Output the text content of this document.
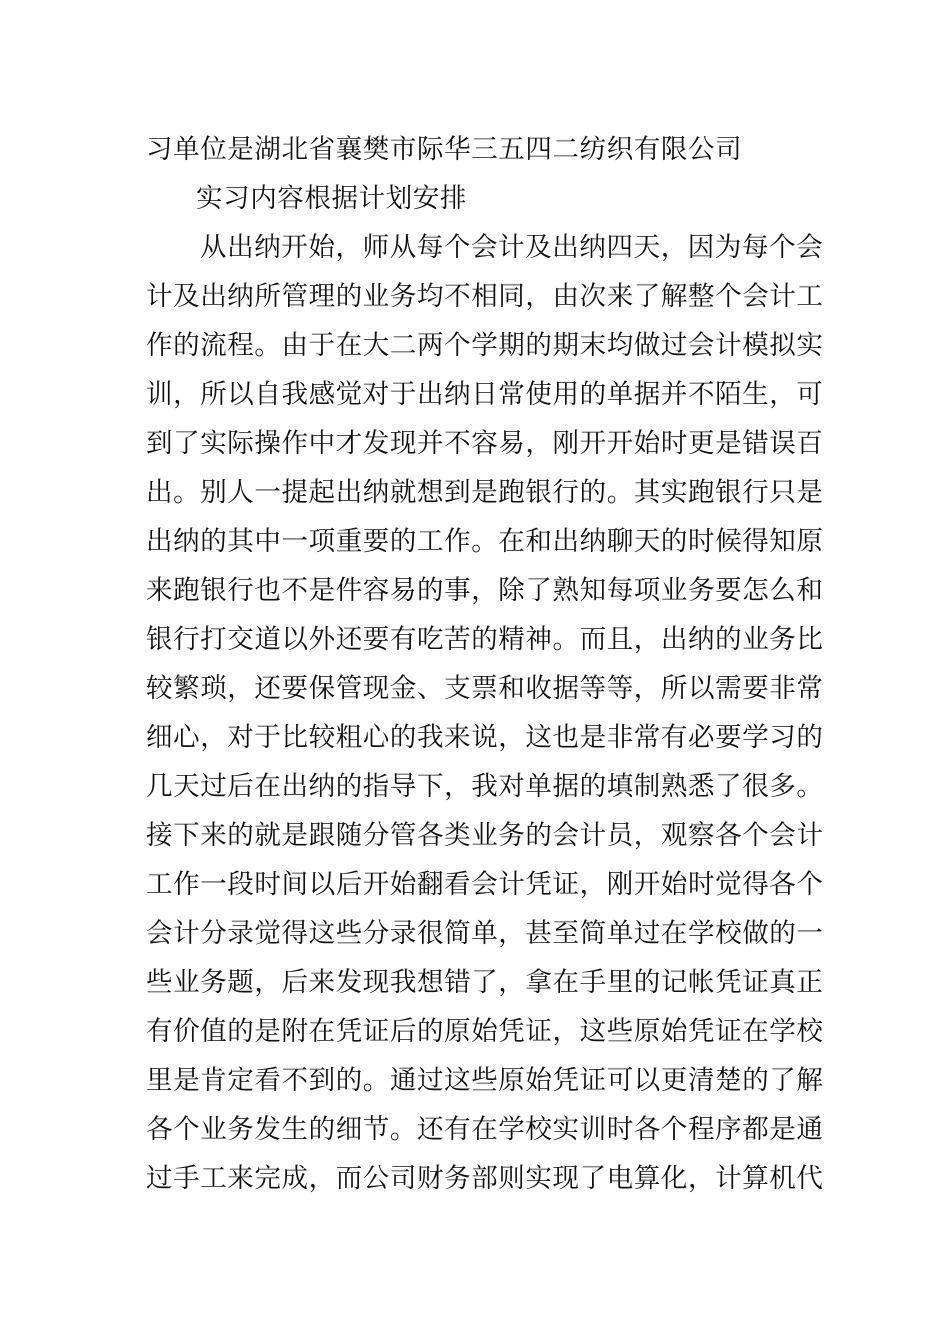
习单位是湖北省襄樊市际华三五四二纺织有限公司
实习内容根据计划安排
从出纳开始，师从每个会计及出纳四天，因为每个会
计及出纳所管理的业务均不相同，由次来了解整个会计工
作的流程。由于在大二两个学期的期末均做过会计模拟实
训，所以自我感觉对于出纳日常使用的单据并不陌生，可
到了实际操作中才发现并不容易，刚开开始时更是错误百
出。别人一提起出纳就想到是跑银行的。其实跑银行只是
出纳的其中一项重要的工作。在和出纳聊天的时候得知原
来跑银行也不是件容易的事，除了熟知每项业务要怎么和
银行打交道以外还要有吃苦的精神。而且，出纳的业务比
较繁琐，还要保管现金、支票和收据等等，所以需要非常
细心，对于比较粗心的我来说，这也是非常有必要学习的
几天过后在出纳的指导下，我对单据的填制熟悉了很多。
接下来的就是跟随分管各类业务的会计员，观察各个会计
工作一段时间以后开始翻看会计凭证，刚开始时觉得各个
会计分录觉得这些分录很简单，甚至简单过在学校做的一
些业务题，后来发现我想错了，拿在手里的记帐凭证真正
有价值的是附在凭证后的原始凭证，这些原始凭证在学校
里是肯定看不到的。通过这些原始凭证可以更清楚的了解
各个业务发生的细节。还有在学校实训时各个程序都是通
过手工来完成，而公司财务部则实现了电算化，计算机代
